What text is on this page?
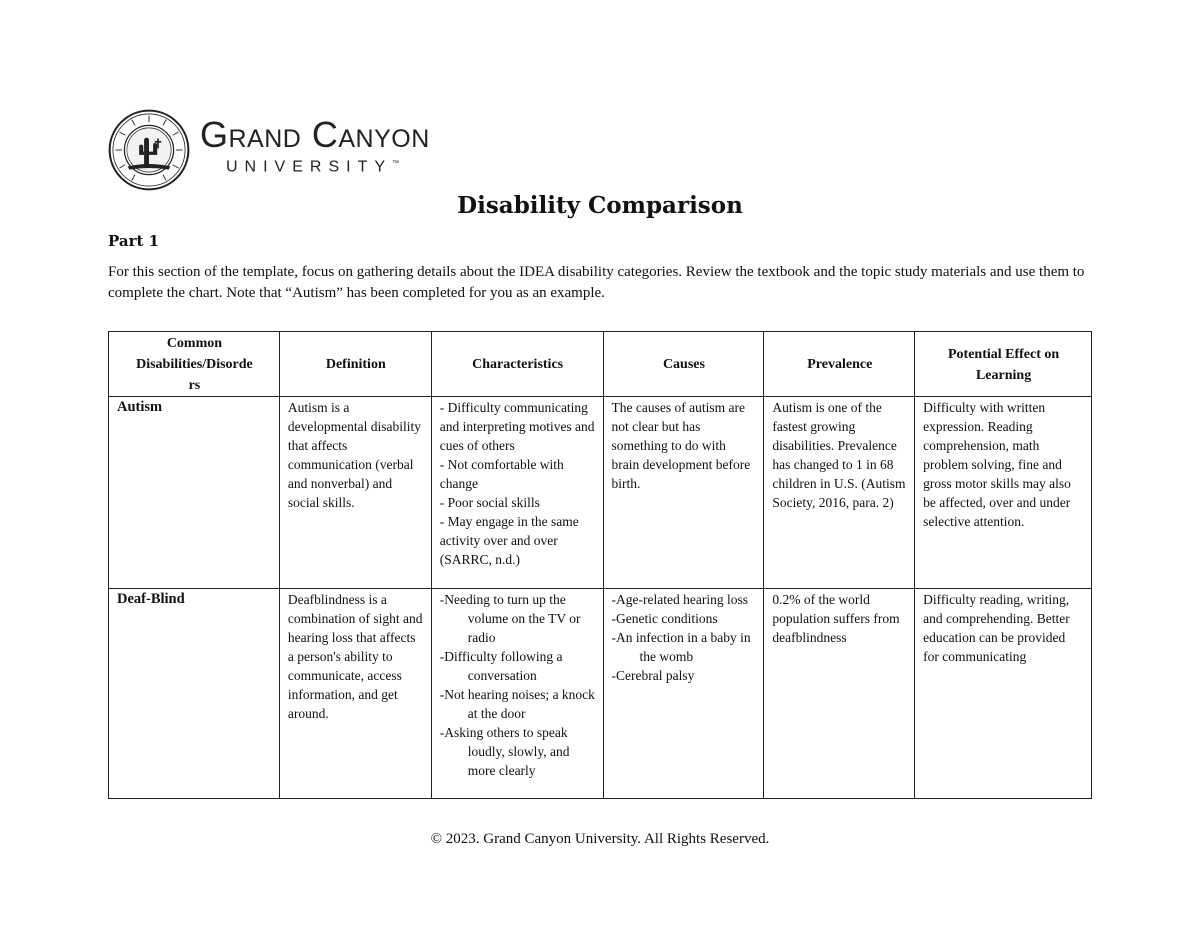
Grand Canyon
UNIVERSITY™
Disability Comparison
Part 1
For this section of the template, focus on gathering details about the IDEA disability categories. Review the textbook and the topic study materials and use them to complete the chart. Note that “Autism” has been completed for you as an example.
Common
Disabilities/Disorde
rs	Definition	Characteristics	Causes	Prevalence	Potential Effect on Learning
Autism	Autism is a developmental disability that affects communication (verbal and nonverbal) and social skills.	- Difficulty communicating and interpreting motives and cues of others
- Not comfortable with change
- Poor social skills
- May engage in the same activity over and over (SARRC, n.d.)	The causes of autism are not clear but has something to do with brain development before birth.	Autism is one of the fastest growing disabilities. Prevalence has changed to 1 in 68 children in U.S. (Autism Society, 2016, para. 2)	Difficulty with written expression. Reading comprehension, math problem solving, fine and gross motor skills may also be affected, over and under selective attention.
Deaf-Blind	Deafblindness is a combination of sight and hearing loss that affects a person's ability to communicate, access information, and get around.	-Needing to turn up the volume on the TV or radio
-Difficulty following a conversation
-Not hearing noises; a knock at the door
-Asking others to speak loudly, slowly, and more clearly	-Age-related hearing loss
-Genetic conditions
-An infection in a baby in the womb
-Cerebral palsy	0.2% of the world population suffers from deafblindness	Difficulty reading, writing, and comprehending. Better education can be provided for communicating
© 2023. Grand Canyon University. All Rights Reserved.
